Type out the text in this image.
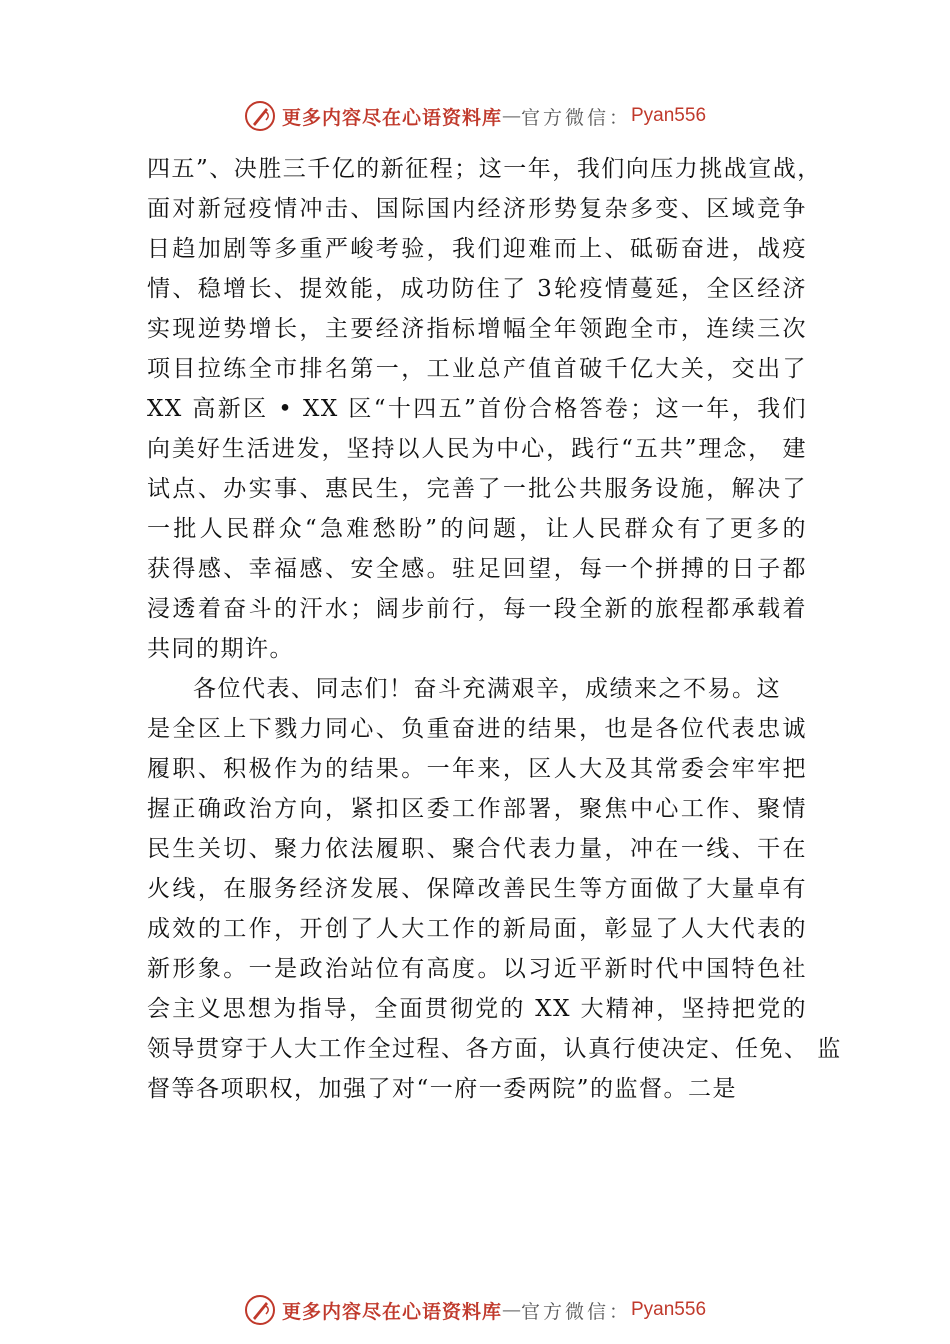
更多内容尽在心语资料库 — 官方微信： Pyan556
四五”、决胜三千亿的新征程；这一年，我们向压力挑战宣战，
面对新冠疫情冲击、国际国内经济形势复杂多变、区域竞争
日趋加剧等多重严峻考验，我们迎难而上、砥砺奋进，战疫
情、稳增长、提效能，成功防住了 3轮疫情蔓延，全区经济
实现逆势增长，主要经济指标增幅全年领跑全市，连续三次
项目拉练全市排名第一，工业总产值首破千亿大关，交出了
XX 高新区 • XX 区“十四五”首份合格答卷；这一年，我们
向美好生活进发，坚持以人民为中心，践行“五共”理念， 建
试点、办实事、惠民生，完善了一批公共服务设施，解决了
一批人民群众“急难愁盼”的问题，让人民群众有了更多的
获得感、幸福感、安全感。驻足回望，每一个拼搏的日子都
浸透着奋斗的汗水；阔步前行，每一段全新的旅程都承载着
共同的期许。
各位代表、同志们！奋斗充满艰辛，成绩来之不易。这
是全区上下戮力同心、负重奋进的结果，也是各位代表忠诚
履职、积极作为的结果。一年来，区人大及其常委会牢牢把
握正确政治方向，紧扣区委工作部署，聚焦中心工作、聚情
民生关切、聚力依法履职、聚合代表力量，冲在一线、干在
火线，在服务经济发展、保障改善民生等方面做了大量卓有
成效的工作，开创了人大工作的新局面，彰显了人大代表的
新形象。一是政治站位有高度。以习近平新时代中国特色社
会主义思想为指导，全面贯彻党的 XX 大精神，坚持把党的
领导贯穿于人大工作全过程、各方面，认真行使决定、任免、 监
督等各项职权，加强了对“一府一委两院”的监督。二是
更多内容尽在心语资料库 — 官方微信： Pyan556
